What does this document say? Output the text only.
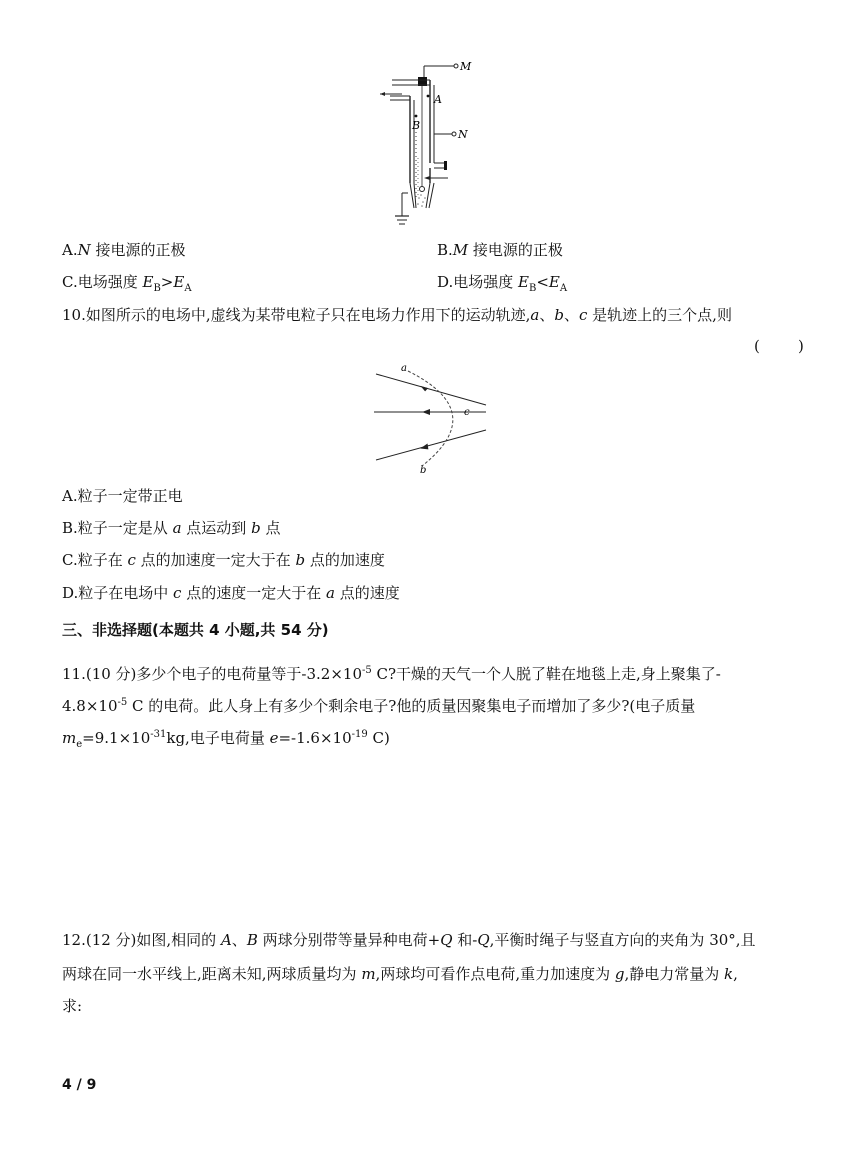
M
A
B
N
A.N 接电源的正极	B.M 接电源的正极
C.电场强度 $E_B>E_A$	D.电场强度 $E_B<E_A$
10.如图所示的电场中,虚线为某带电粒子只在电场力作用下的运动轨迹,a、b、c 是轨迹上的三个点,则
(        )
a
c
b
A.粒子一定带正电
B.粒子一定是从 a 点运动到 b 点
C.粒子在 c 点的加速度一定大于在 b 点的加速度
D.粒子在电场中 c 点的速度一定大于在 a 点的速度
三、非选择题(本题共 4 小题,共 54 分)
11.(10 分)多少个电子的电荷量等于$-3.2\times 10^{-5}$ C?干燥的天气一个人脱了鞋在地毯上走,身上聚集了-
$4.8\times 10^{-5}$ C 的电荷。此人身上有多少个剩余电子?他的质量因聚集电子而增加了多少?(电子质量
$m_e=9.1\times 10^{-31}kg$,电子电荷量 $e=-1.6\times 10^{-19}$ C)
12.(12 分)如图,相同的 A、B 两球分别带等量异种电荷+Q 和-Q,平衡时绳子与竖直方向的夹角为 30°,且
两球在同一水平线上,距离未知,两球质量均为 m,两球均可看作点电荷,重力加速度为 g,静电力常量为 k,
求:
4 / 9
